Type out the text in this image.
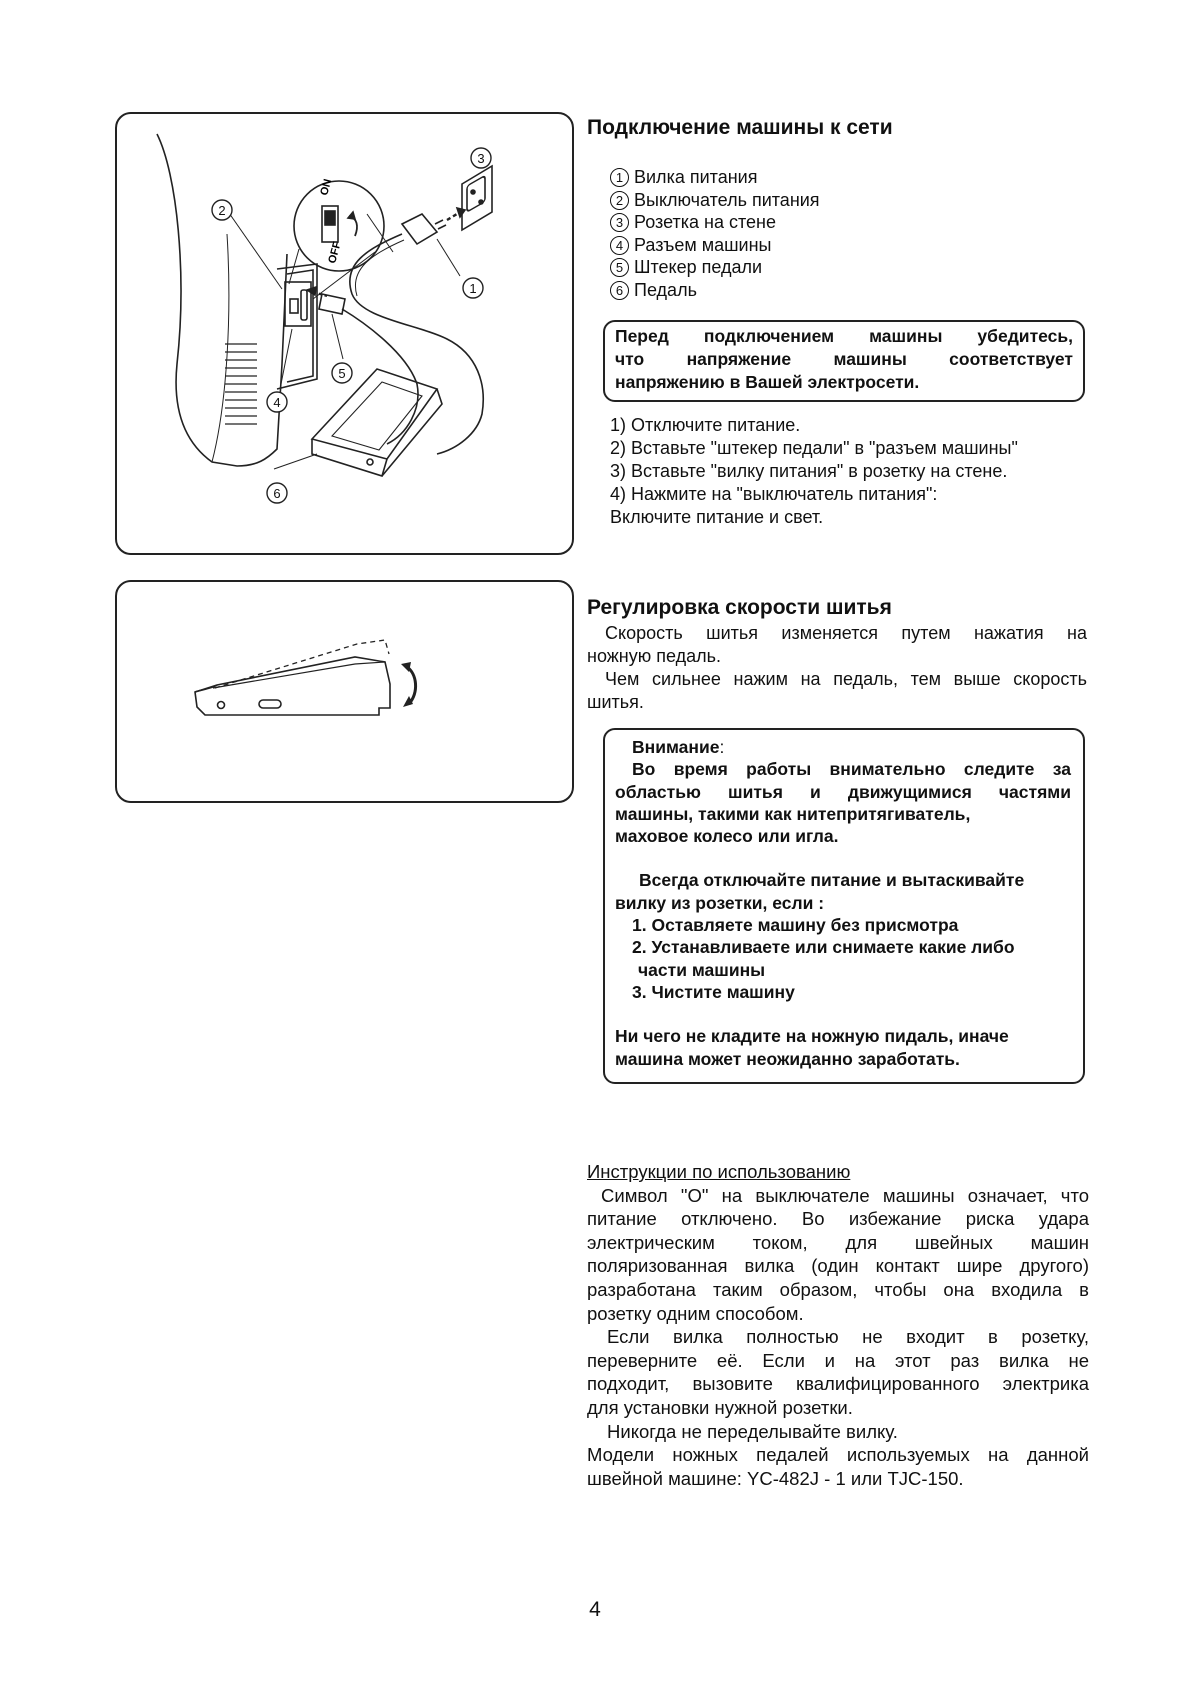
ON
OFF
3
2
1
4
5
6
Подключение машины к сети
1 Вилка питания
2 Выключатель питания
3 Розетка на стене
4 Разъем машины
5 Штекер педали
6 Педаль
Перед подключением машины убедитесь,
что напряжение машины соответствует
напряжению в Вашей электросети.
1) Отключите питание.
2) Вставьте "штекер педали" в "разъем машины"
3) Вставьте "вилку питания" в розетку на стене.
4) Нажмите на "выключатель питания":
Включите питание и свет.
Регулировка скорости шитья
Скорость шитья изменяется путем нажатия на
ножную педаль.
Чем сильнее нажим на педаль, тем выше скорость
шитья.
Внимание:
Во время работы внимательно следите за
областью шитья и движущимися частями
машины, такими как нитепритягиватель,
маховое колесо или игла.
Всегда отключайте питание и вытаскивайте
вилку из розетки, если :
1. Оставляете машину без присмотра
2. Устанавливаете или снимаете какие либо
части машины
3. Чистите машину
Ни чего не кладите на ножную пидаль, иначе
машина может неожиданно заработать.
Инструкции по использованию
Символ "O" на выключателе машины означает, что
питание отключено. Во избежание риска удара
электрическим током, для швейных машин
поляризованная вилка (один контакт шире другого)
разработана таким образом, чтобы она входила в
розетку одним способом.
Если вилка полностью не входит в розетку,
переверните её. Если и на этот раз вилка не
подходит, вызовите квалифицированного электрика
для установки нужной розетки.
Никогда не переделывайте вилку.
Модели ножных педалей используемых на данной
швейной машине: YC-482J - 1 или TJC-150.
4
